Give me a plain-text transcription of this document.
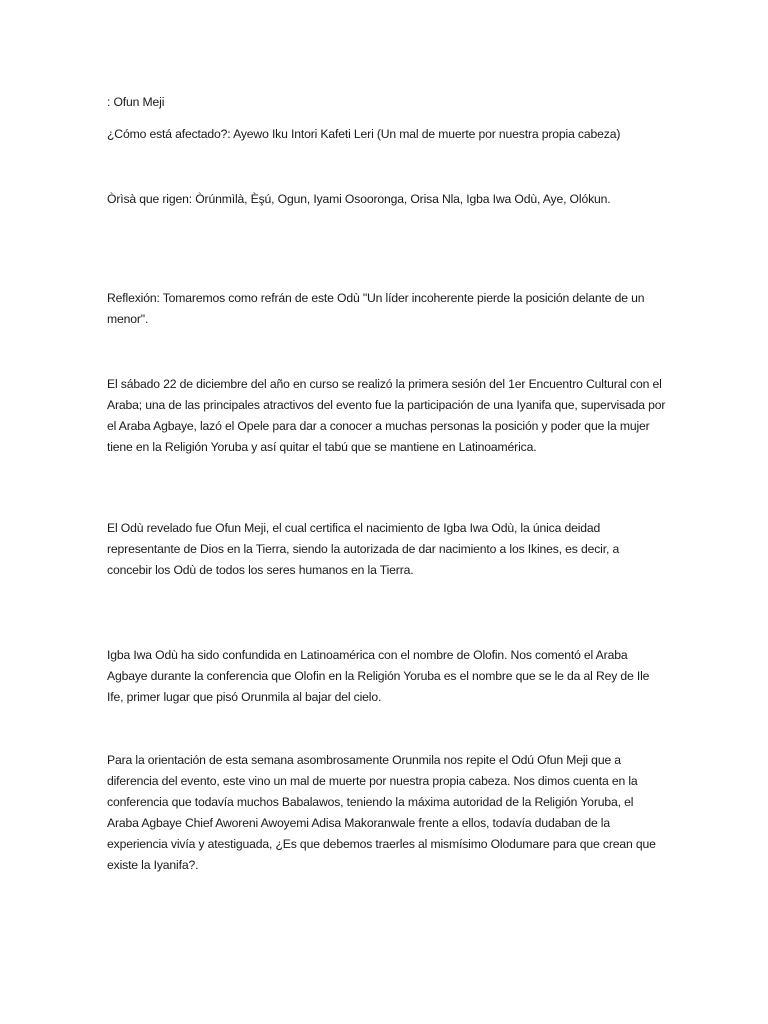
: Ofun Meji

¿Cómo está afectado?: Ayewo Iku Intori Kafeti Leri (Un mal de muerte por nuestra propia cabeza)

Òrìsà que rigen: Òrúnmìlà, Èşú, Ogun, Iyami Osooronga, Orisa Nla, Igba Iwa Odù, Aye, Olókun.

Reflexión: Tomaremos como refrán de este Odù "Un líder incoherente pierde la posición delante de un menor".

El sábado 22 de diciembre del año en curso se realizó la primera sesión del 1er Encuentro Cultural con el Araba; una de las principales atractivos del evento fue la participación de una Iyanifa que, supervisada por el Araba Agbaye, lazó el Opele para dar a conocer a muchas personas la posición y poder que la mujer tiene en la Religión Yoruba y así quitar el tabú que se mantiene en Latinoamérica.

El Odù revelado fue Ofun Meji, el cual certifica el nacimiento de Igba Iwa Odù, la única deidad representante de Dios en la Tierra, siendo la autorizada de dar nacimiento a los Ikines, es decir, a concebir los Odù de todos los seres humanos en la Tierra.

Igba Iwa Odù ha sido confundida en Latinoamérica con el nombre de Olofin. Nos comentó el Araba Agbaye durante la conferencia que Olofin en la Religión Yoruba es el nombre que se le da al Rey de Ile Ife, primer lugar que pisó Orunmila al bajar del cielo.

Para la orientación de esta semana asombrosamente Orunmila nos repite el Odú Ofun Meji que a diferencia del evento, este vino un mal de muerte por nuestra propia cabeza. Nos dimos cuenta en la conferencia que todavía muchos Babalawos, teniendo la máxima autoridad de la Religión Yoruba, el Araba Agbaye Chief Aworeni Awoyemi Adisa Makoranwale frente a ellos, todavía dudaban de la experiencia vivía y atestiguada, ¿Es que debemos traerles al mismísimo Olodumare para que crean que existe la Iyanifa?.
